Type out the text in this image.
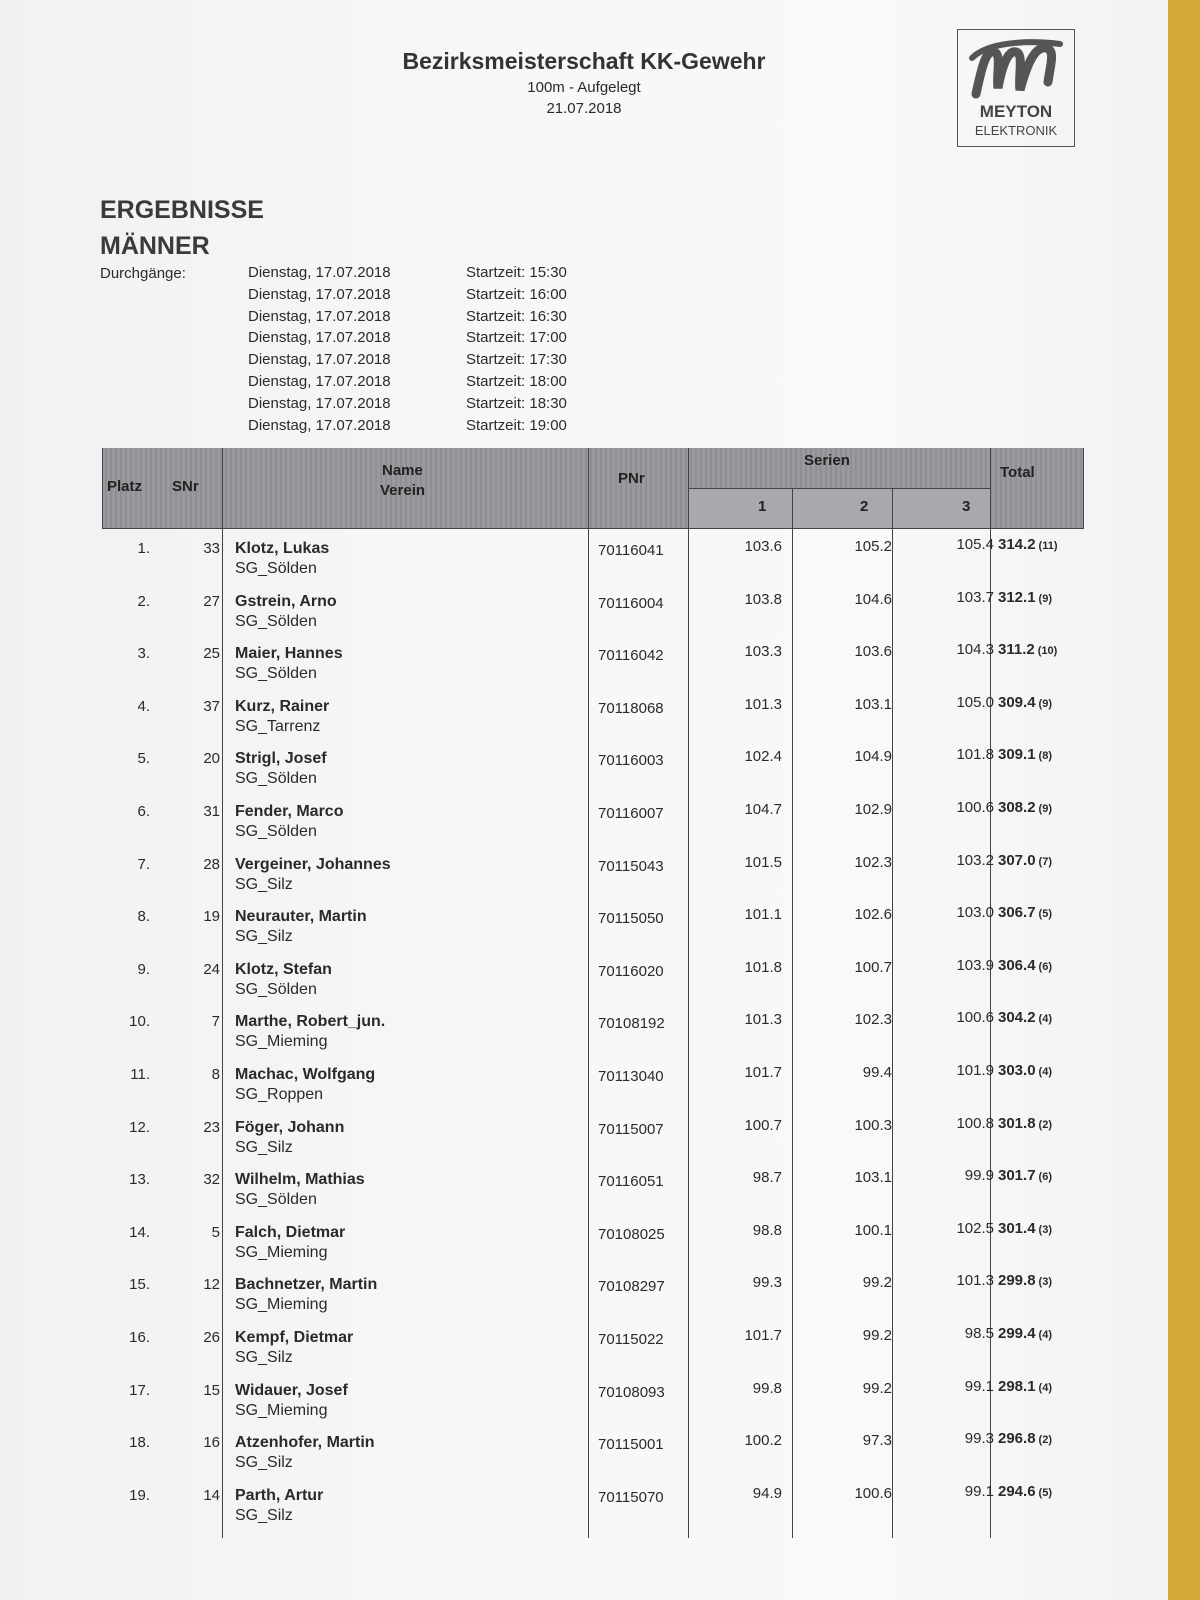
Bezirksmeisterschaft KK-Gewehr
100m - Aufgelegt
21.07.2018	MEYTON
ELEKTRONIK
ERGEBNISSE
MÄNNER
Durchgänge:	Dienstag, 17.07.2018	Startzeit: 15:30
Dienstag, 17.07.2018	Startzeit: 16:00
Dienstag, 17.07.2018	Startzeit: 16:30
Dienstag, 17.07.2018	Startzeit: 17:00
Dienstag, 17.07.2018	Startzeit: 17:30
Dienstag, 17.07.2018	Startzeit: 18:00
Dienstag, 17.07.2018	Startzeit: 18:30
Dienstag, 17.07.2018	Startzeit: 19:00
Platz SNr
Name
Verein
PNr
Serien
1	2	3
Total
1.	33 Klotz, Lukas
SG_Sölden
70116041	103.6	105.2	105.4 314.2 (11)
2.	27 Gstrein, Arno
SG_Sölden
70116004	103.8	104.6	103.7 312.1 (9)
3.	25 Maier, Hannes
SG_Sölden
70116042	103.3	103.6	104.3 311.2 (10)
4.	37 Kurz, Rainer
SG_Tarrenz
70118068	101.3	103.1	105.0 309.4 (9)
5.	20 Strigl, Josef
SG_Sölden
70116003	102.4	104.9	101.8 309.1 (8)
6.	31 Fender, Marco
SG_Sölden
70116007	104.7	102.9	100.6 308.2 (9)
7.	28 Vergeiner, Johannes
SG_Silz
70115043	101.5	102.3	103.2 307.0 (7)
8.	19 Neurauter, Martin
SG_Silz
70115050	101.1	102.6	103.0 306.7 (5)
9.	24 Klotz, Stefan
SG_Sölden
70116020	101.8	100.7	103.9 306.4 (6)
10.	7 Marthe, Robert_jun.
SG_Mieming
70108192	101.3	102.3	100.6 304.2 (4)
11.	8 Machac, Wolfgang
SG_Roppen
70113040	101.7	99.4	101.9 303.0 (4)
12.	23 Föger, Johann
SG_Silz
70115007	100.7	100.3	100.8 301.8 (2)
13.	32 Wilhelm, Mathias
SG_Sölden
70116051	98.7	103.1	99.9 301.7 (6)
14.	5 Falch, Dietmar
SG_Mieming
70108025	98.8	100.1	102.5 301.4 (3)
15.	12 Bachnetzer, Martin
SG_Mieming
70108297	99.3	99.2	101.3 299.8 (3)
16.	26 Kempf, Dietmar
SG_Silz
70115022	101.7	99.2	98.5 299.4 (4)
17.	15 Widauer, Josef
SG_Mieming
70108093	99.8	99.2	99.1 298.1 (4)
18.	16 Atzenhofer, Martin
SG_Silz
70115001	100.2	97.3	99.3 296.8 (2)
19.	14 Parth, Artur
SG_Silz
70115070	94.9	100.6	99.1 294.6 (5)
